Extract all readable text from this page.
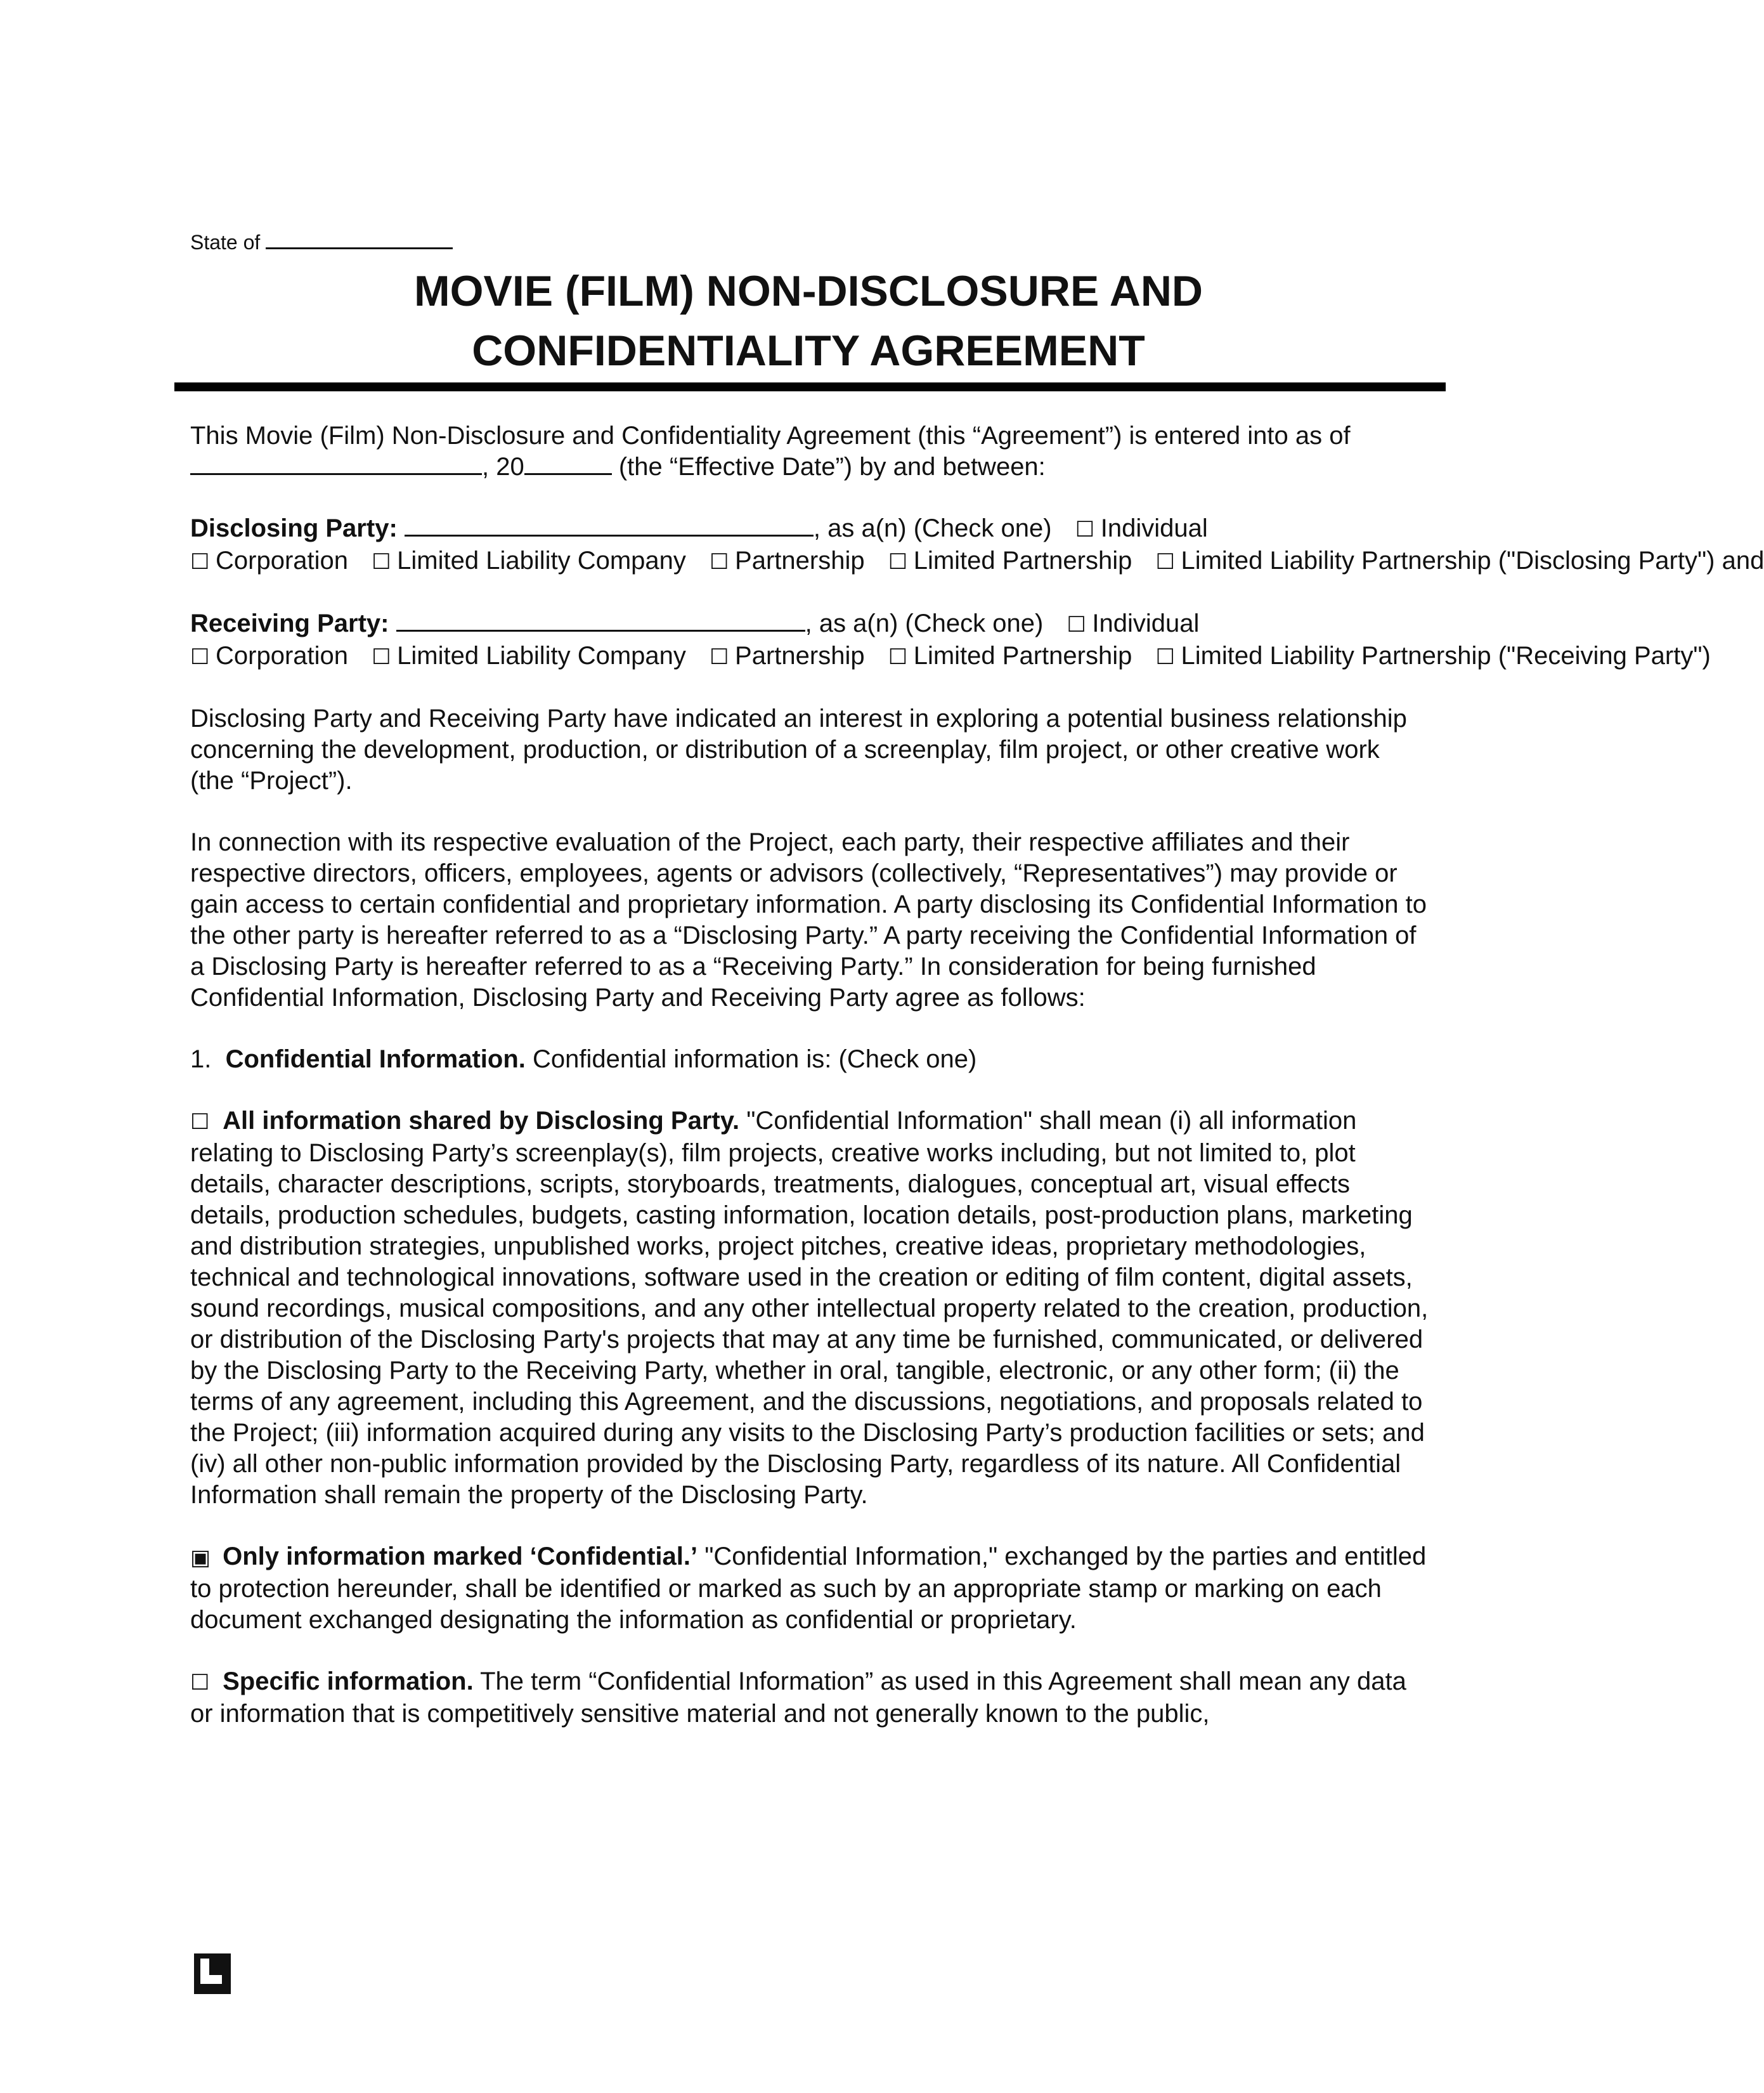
State of
MOVIE (FILM) NON-DISCLOSURE AND
CONFIDENTIALITY AGREEMENT

This Movie (Film) Non-Disclosure and Confidentiality Agreement (this “Agreement”) is entered into as of
, 20	(the “Effective Date”) by and between:

Disclosing Party:	, as a(n) (Check one) ☐ Individual

☐ Corporation ☐ Limited Liability Company ☐ Partnership ☐ Limited Partnership ☐ Limited Liability Partnership ("Disclosing Party") and

Receiving Party:	, as a(n) (Check one) ☐ Individual

☐ Corporation ☐ Limited Liability Company ☐ Partnership ☐ Limited Partnership ☐ Limited Liability Partnership ("Receiving Party")

Disclosing Party and Receiving Party have indicated an interest in exploring a potential business relationship concerning the development, production, or distribution of a screenplay, film project, or other creative work (the “Project”).

In connection with its respective evaluation of the Project, each party, their respective affiliates and their respective directors, officers, employees, agents or advisors (collectively, “Representatives”) may provide or gain access to certain confidential and proprietary information. A party disclosing its Confidential Information to the other party is hereafter referred to as a “Disclosing Party.” A party receiving the Confidential Information of a Disclosing Party is hereafter referred to as a “Receiving Party.” In consideration for being furnished Confidential Information, Disclosing Party and Receiving Party agree as follows:

1. Confidential Information. Confidential information is: (Check one)

☐ All information shared by Disclosing Party. "Confidential Information" shall mean (i) all information relating to Disclosing Party’s screenplay(s), film projects, creative works including, but not limited to, plot details, character descriptions, scripts, storyboards, treatments, dialogues, conceptual art, visual effects details, production schedules, budgets, casting information, location details, post-production plans, marketing and distribution strategies, unpublished works, project pitches, creative ideas, proprietary methodologies, technical and technological innovations, software used in the creation or editing of film content, digital assets, sound recordings, musical compositions, and any other intellectual property related to the creation, production, or distribution of the Disclosing Party's projects that may at any time be furnished, communicated, or delivered by the Disclosing Party to the Receiving Party, whether in oral, tangible, electronic, or any other form; (ii) the terms of any agreement, including this Agreement, and the discussions, negotiations, and proposals related to the Project; (iii) information acquired during any visits to the Disclosing Party’s production facilities or sets; and (iv) all other non-public information provided by the Disclosing Party, regardless of its nature. All Confidential Information shall remain the property of the Disclosing Party.

▣ Only information marked ‘Confidential.’ "Confidential Information," exchanged by the parties and entitled to protection hereunder, shall be identified or marked as such by an appropriate stamp or marking on each document exchanged designating the information as confidential or proprietary.

☐ Specific information. The term “Confidential Information” as used in this Agreement shall mean any data or information that is competitively sensitive material and not generally known to the public,
